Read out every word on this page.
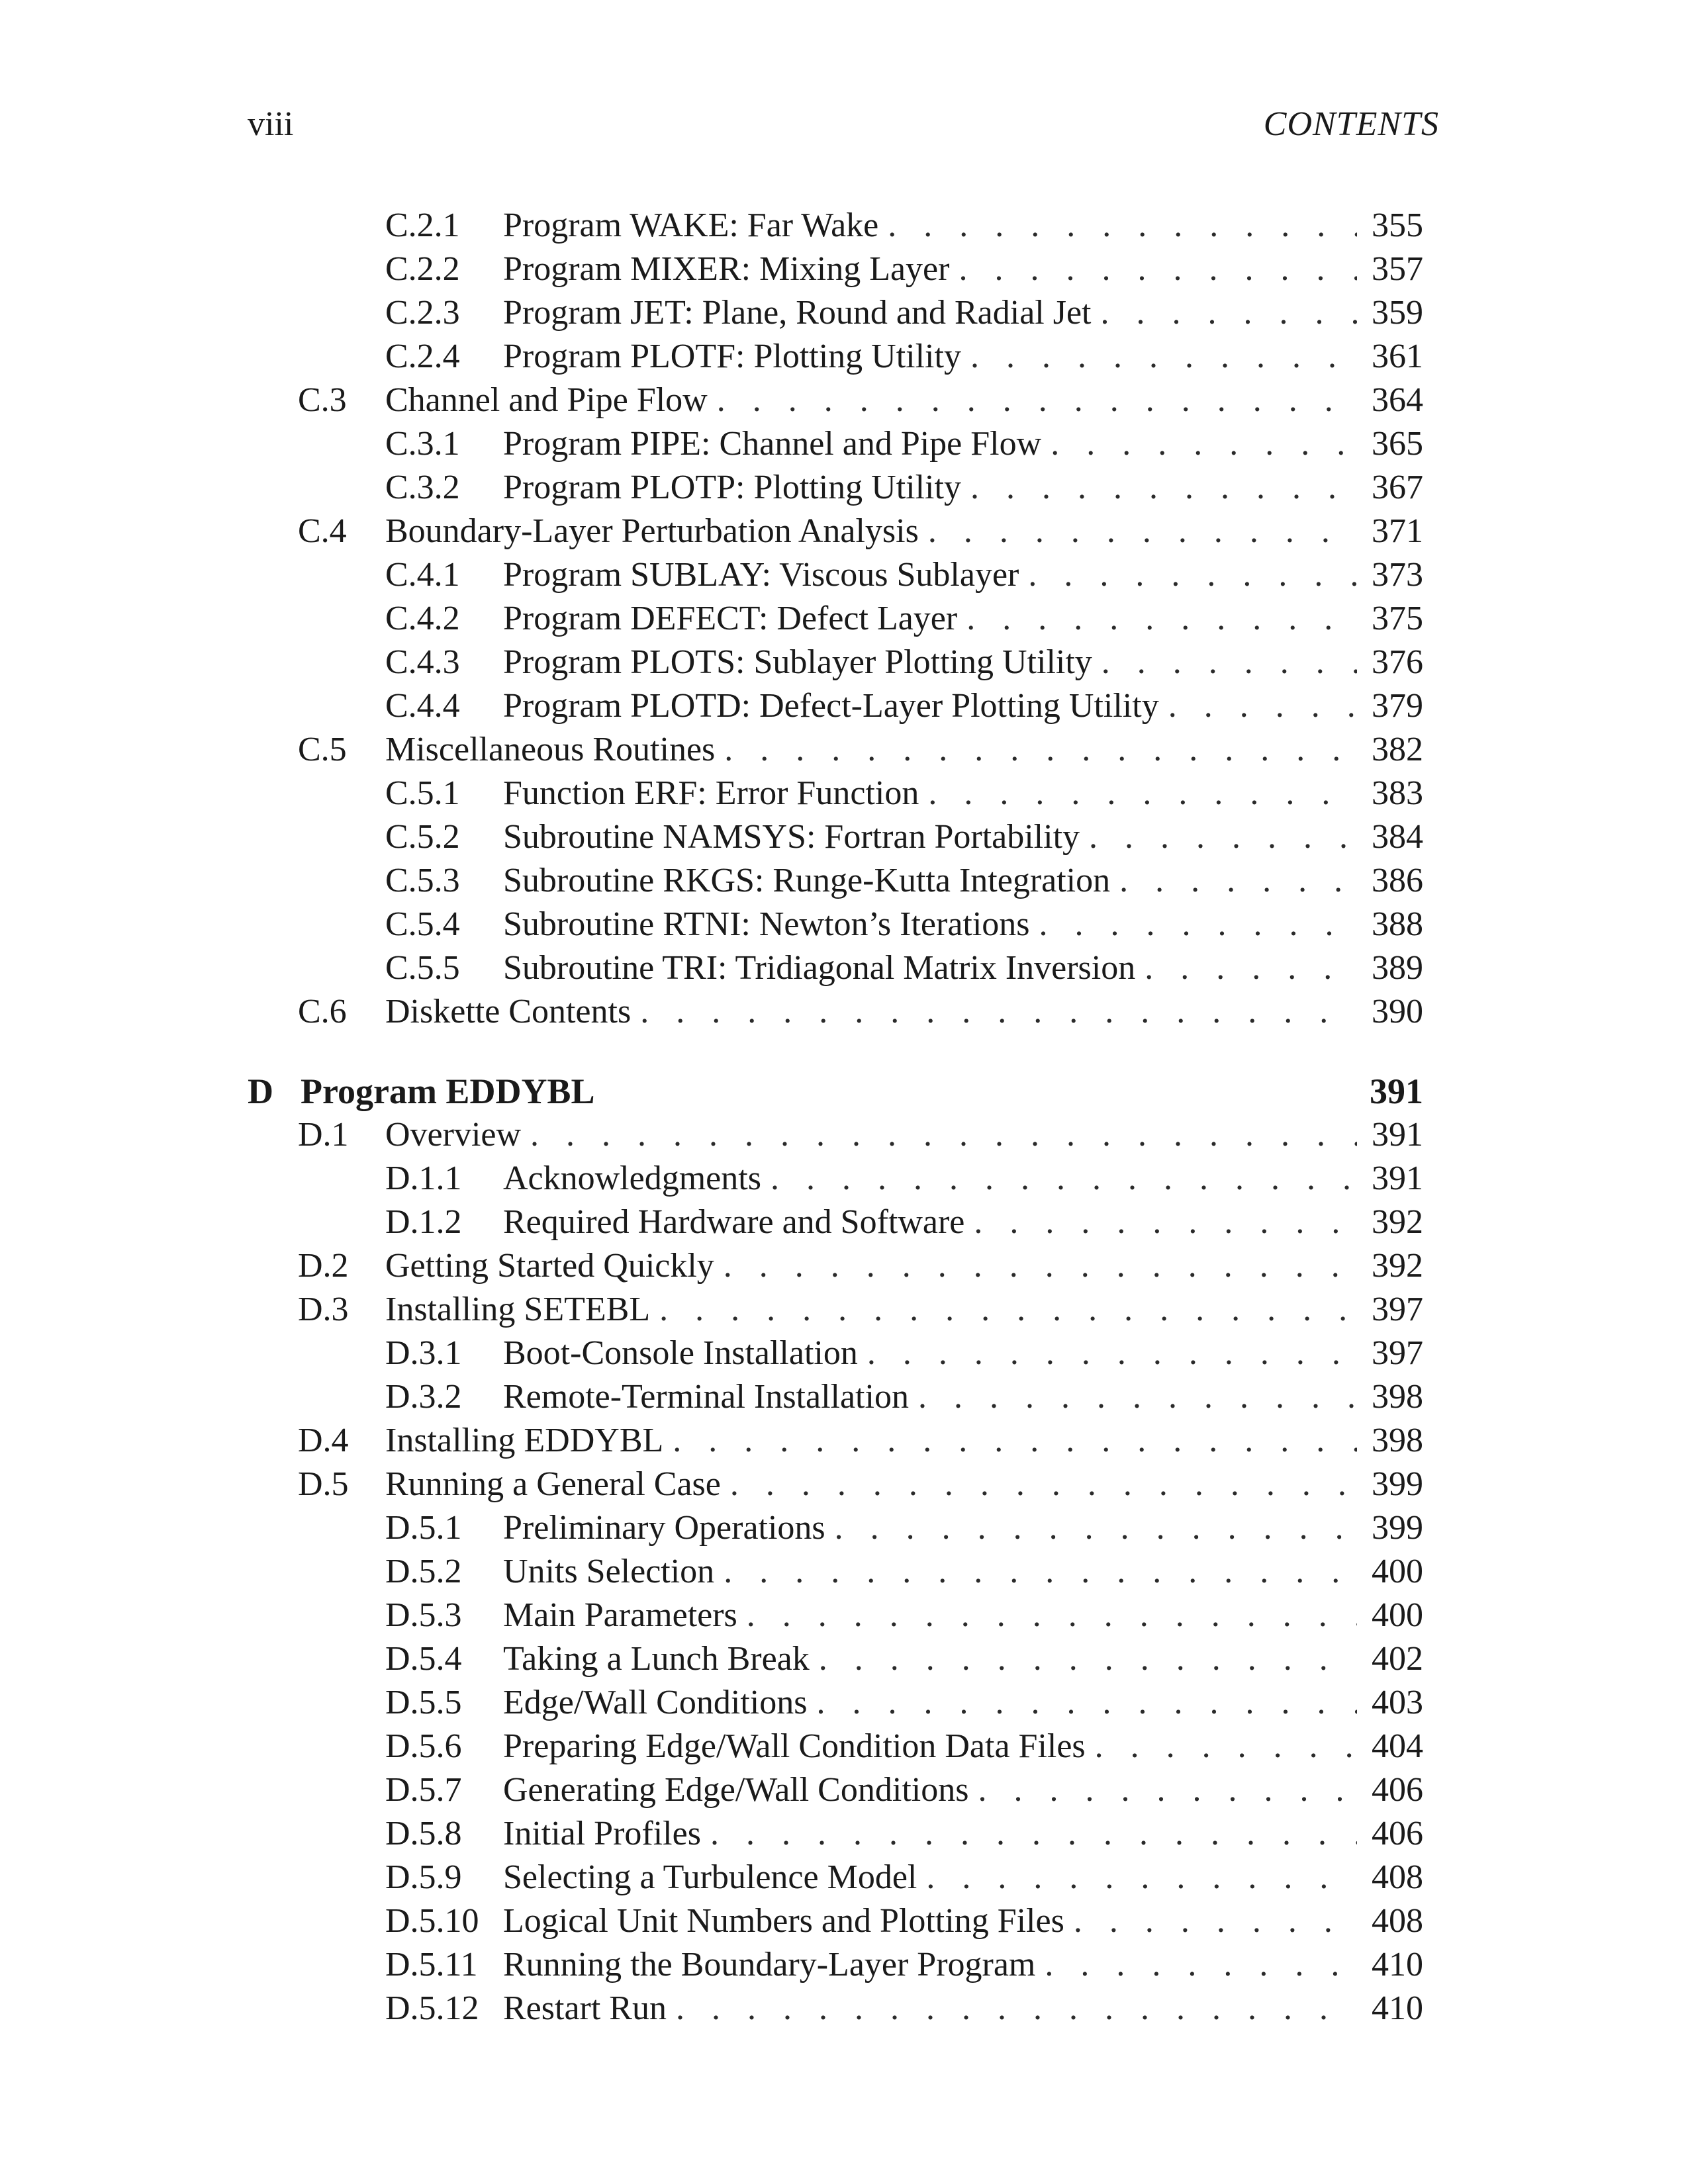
viii	CONTENTS
C.2.1 Program WAKE: Far Wake . . .	355
C.2.2 Program MIXER: Mixing Layer . . .	357
C.2.3 Program JET: Plane, Round and Radial Jet . . .	359
C.2.4 Program PLOTF: Plotting Utility . . .	361
C.3 Channel and Pipe Flow . . .	364
C.3.1 Program PIPE: Channel and Pipe Flow . . .	365
C.3.2 Program PLOTP: Plotting Utility . . .	367
C.4 Boundary-Layer Perturbation Analysis . . .	371
C.4.1 Program SUBLAY: Viscous Sublayer . . .	373
C.4.2 Program DEFECT: Defect Layer . . .	375
C.4.3 Program PLOTS: Sublayer Plotting Utility . . .	376
C.4.4 Program PLOTD: Defect-Layer Plotting Utility . . .	379
C.5 Miscellaneous Routines . . .	382
C.5.1 Function ERF: Error Function . . .	383
C.5.2 Subroutine NAMSYS: Fortran Portability . . .	384
C.5.3 Subroutine RKGS: Runge-Kutta Integration . . .	386
C.5.4 Subroutine RTNI: Newton’s Iterations . . .	388
C.5.5 Subroutine TRI: Tridiagonal Matrix Inversion . . .	389
C.6 Diskette Contents . . .	390
D Program EDDYBL	391
D.1 Overview . . .	391
D.1.1 Acknowledgments . . .	391
D.1.2 Required Hardware and Software . . .	392
D.2 Getting Started Quickly . . .	392
D.3 Installing SETEBL . . .	397
D.3.1 Boot-Console Installation . . .	397
D.3.2 Remote-Terminal Installation . . .	398
D.4 Installing EDDYBL . . .	398
D.5 Running a General Case . . .	399
D.5.1 Preliminary Operations . . .	399
D.5.2 Units Selection . . .	400
D.5.3 Main Parameters . . .	400
D.5.4 Taking a Lunch Break . . .	402
D.5.5 Edge/Wall Conditions . . .	403
D.5.6 Preparing Edge/Wall Condition Data Files . . .	404
D.5.7 Generating Edge/Wall Conditions . . .	406
D.5.8 Initial Profiles . . .	406
D.5.9 Selecting a Turbulence Model . . .	408
D.5.10 Logical Unit Numbers and Plotting Files . . .	408
D.5.11 Running the Boundary-Layer Program . . .	410
D.5.12 Restart Run . . .	410
